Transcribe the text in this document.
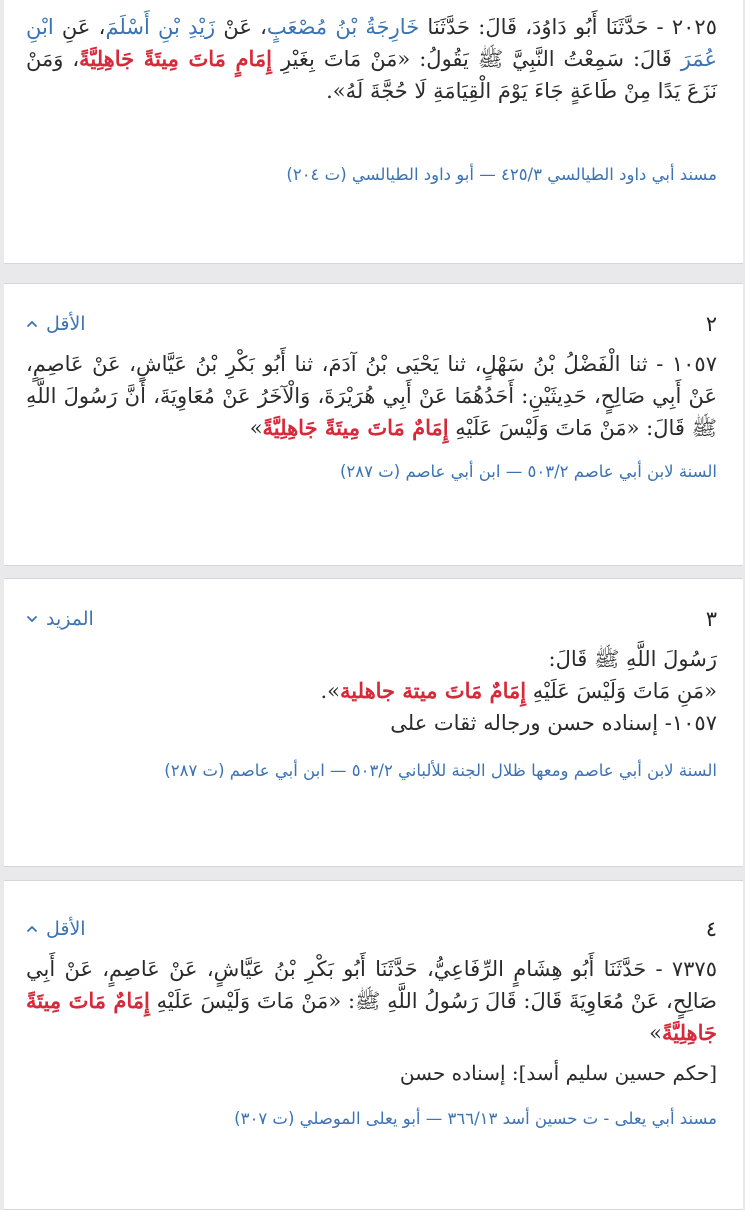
٢٠٢٥ - حَدَّثَنَا أَبُو دَاوُدَ، قَالَ: حَدَّثَنَا خَارِجَةُ بْنُ مُصْعَبٍ، عَنْ زَيْدِ بْنِ أَسْلَمَ، عَنِ ابْنِ عُمَرَ قَالَ: سَمِعْتُ النَّبِيَّ ﷺ يَقُولُ: «مَنْ مَاتَ بِغَيْرِ إِمَامٍ مَاتَ مِيتَةً جَاهِلِيَّةً، وَمَنْ نَزَعَ يَدًا مِنْ طَاعَةٍ جَاءَ يَوْمَ الْقِيَامَةِ لَا حُجَّةَ لَهُ».
مسند أبي داود الطيالسي ٤٢٥/٣ — أبو داود الطيالسي (ت ٢٠٤)
٢
الأقل
١٠٥٧ - ثنا الْفَضْلُ بْنُ سَهْلٍ، ثنا يَحْيَى بْنُ آدَمَ، ثنا أَبُو بَكْرِ بْنُ عَيَّاشٍ، عَنْ عَاصِمٍ، عَنْ أَبِي صَالِحٍ، حَدِيثَيْنِ: أَحَدُهُمَا عَنْ أَبِي هُرَيْرَةَ، وَالْآخَرُ عَنْ مُعَاوِيَةَ، أَنَّ رَسُولَ اللَّهِ ﷺ قَالَ: «مَنْ مَاتَ وَلَيْسَ عَلَيْهِ إِمَامٌ مَاتَ مِيتَةً جَاهِلِيَّةً»
السنة لابن أبي عاصم ٥٠٣/٢ — ابن أبي عاصم (ت ٢٨٧)
٣
المزيد

رَسُولَ اللَّهِ ﷺ قَالَ:

«مَنِ مَاتَ وَلَيْسَ عَلَيْهِ إِمَامٌ مَاتَ ميتة جاهلية».

١٠٥٧- إسناده حسن ورجاله ثقات على

السنة لابن أبي عاصم ومعها ظلال الجنة للألباني ٥٠٣/٢ — ابن أبي عاصم (ت ٢٨٧)
٤
الأقل
٧٣٧٥ - حَدَّثَنَا أَبُو هِشَامٍ الرِّفَاعِيُّ، حَدَّثَنَا أَبُو بَكْرِ بْنُ عَيَّاشٍ، عَنْ عَاصِمٍ، عَنْ أَبِي صَالِحٍ، عَنْ مُعَاوِيَةَ قَالَ: قَالَ رَسُولُ اللَّهِ ﷺ: «مَنْ مَاتَ وَلَيْسَ عَلَيْهِ إِمَامٌ مَاتَ مِيتَةً جَاهِلِيَّةً»
[حكم حسين سليم أسد]: إسناده حسن
مسند أبي يعلى - ت حسين أسد ٣٦٦/١٣ — أبو يعلى الموصلي (ت ٣٠٧)
